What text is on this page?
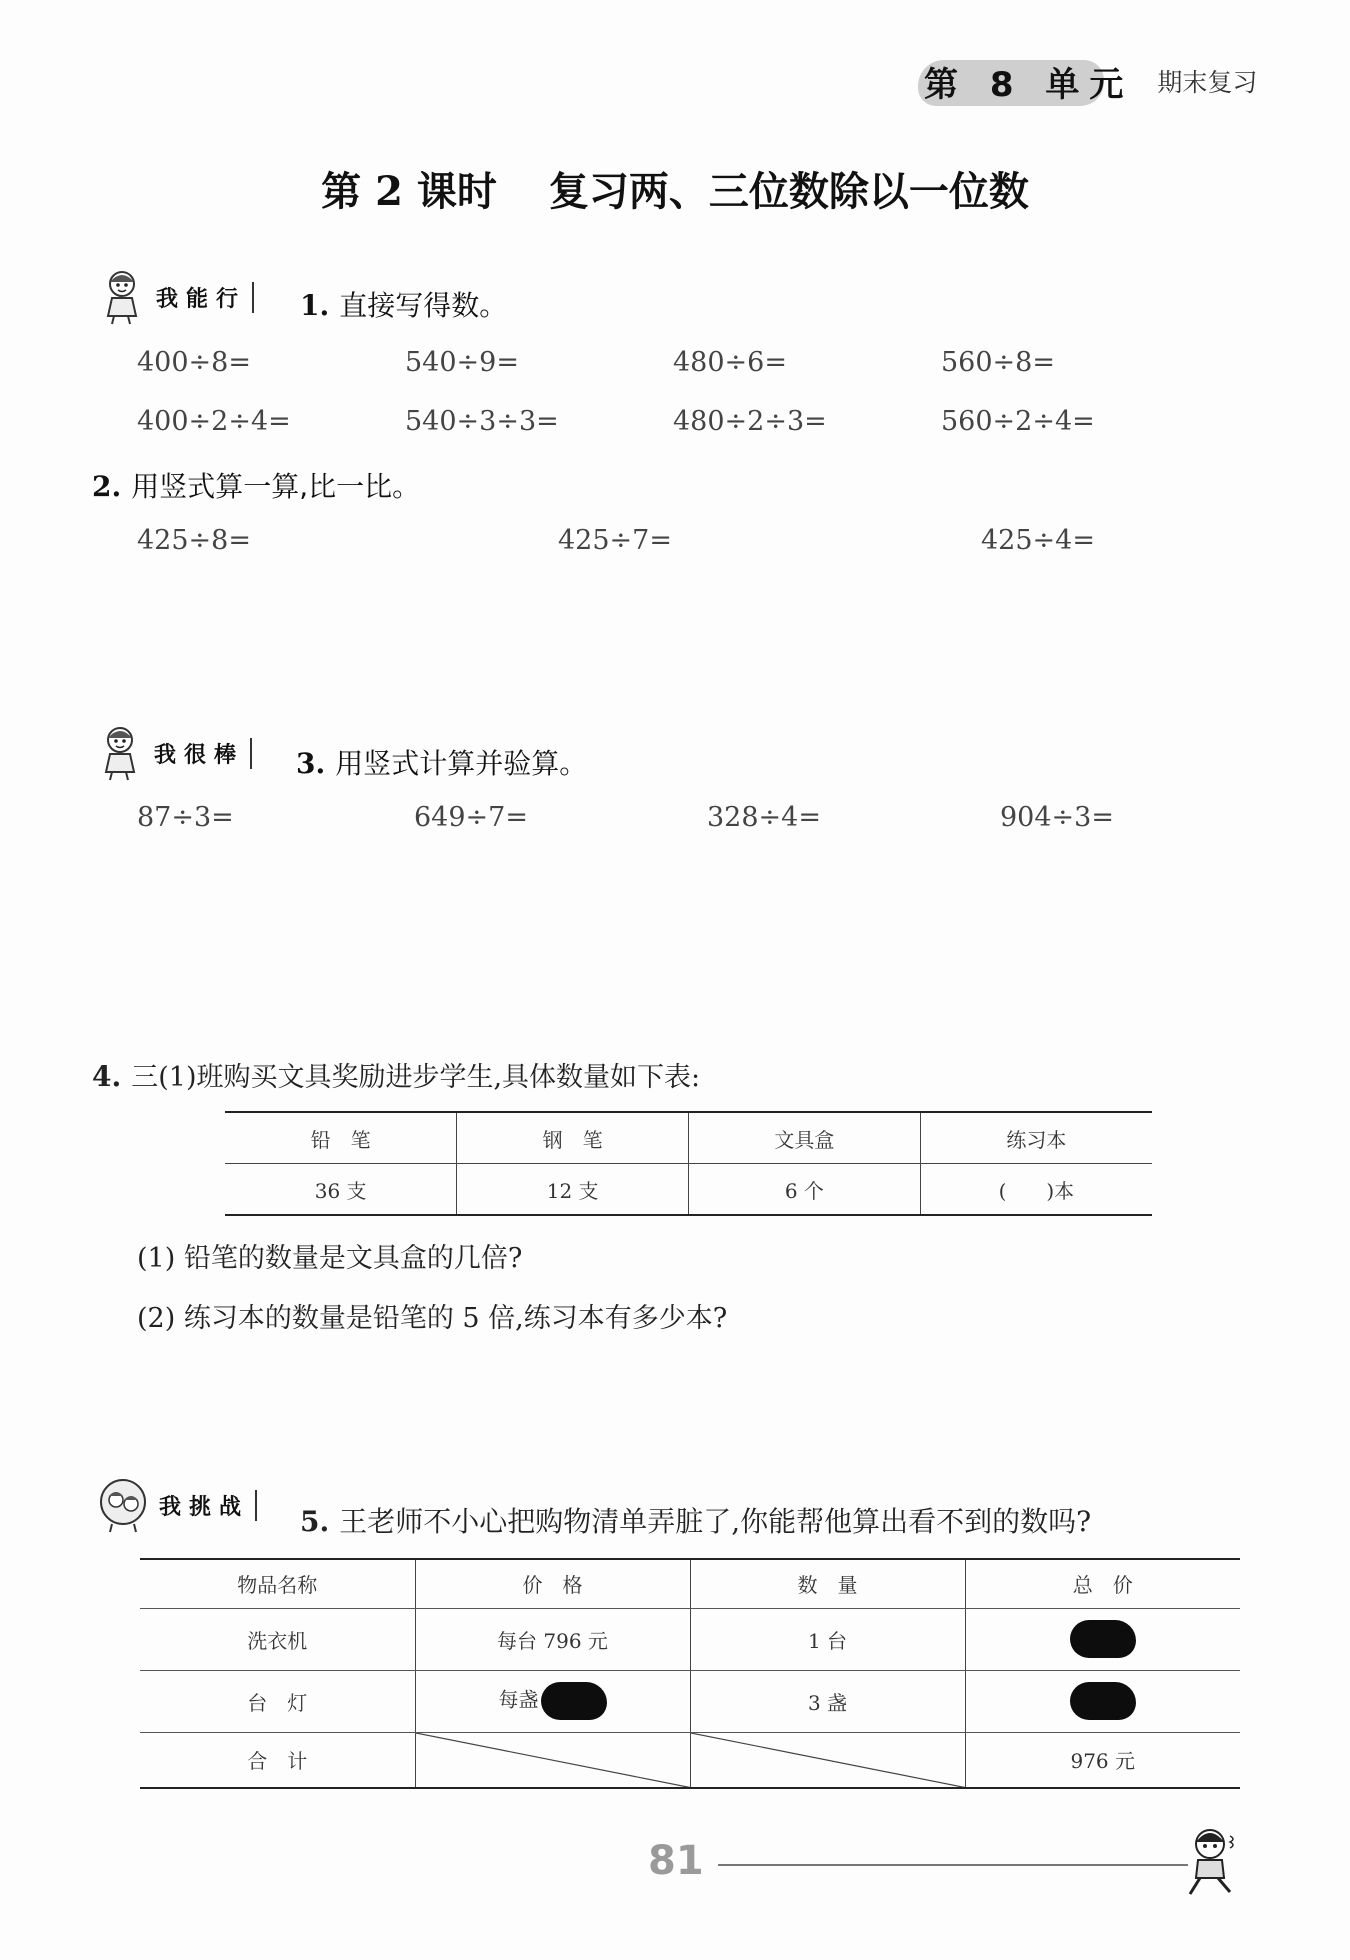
第 8 单元 期末复习
第 2 课时 复习两、三位数除以一位数
我能行 1. 直接写得数。
400÷8=	540÷9=	480÷6=	560÷8=
400÷2÷4=	540÷3÷3=	480÷2÷3=	560÷2÷4=
2. 用竖式算一算,比一比。
425÷8=	425÷7=	425÷4=
我很棒 3. 用竖式计算并验算。
87÷3=	649÷7=	328÷4=	904÷3=
4. 三(1)班购买文具奖励进步学生,具体数量如下表:
铅　笔	钢　笔	文具盒	练习本
36 支	12 支	6 个	(　　)本
(1) 铅笔的数量是文具盒的几倍?
(2) 练习本的数量是铅笔的 5 倍,练习本有多少本?
我挑战 5. 王老师不小心把购物清单弄脏了,你能帮他算出看不到的数吗?
物品名称	价　格	数　量	总　价
洗衣机	每台 796 元	1 台	
台　灯	每盏	3 盏	
合　计			976 元
81
